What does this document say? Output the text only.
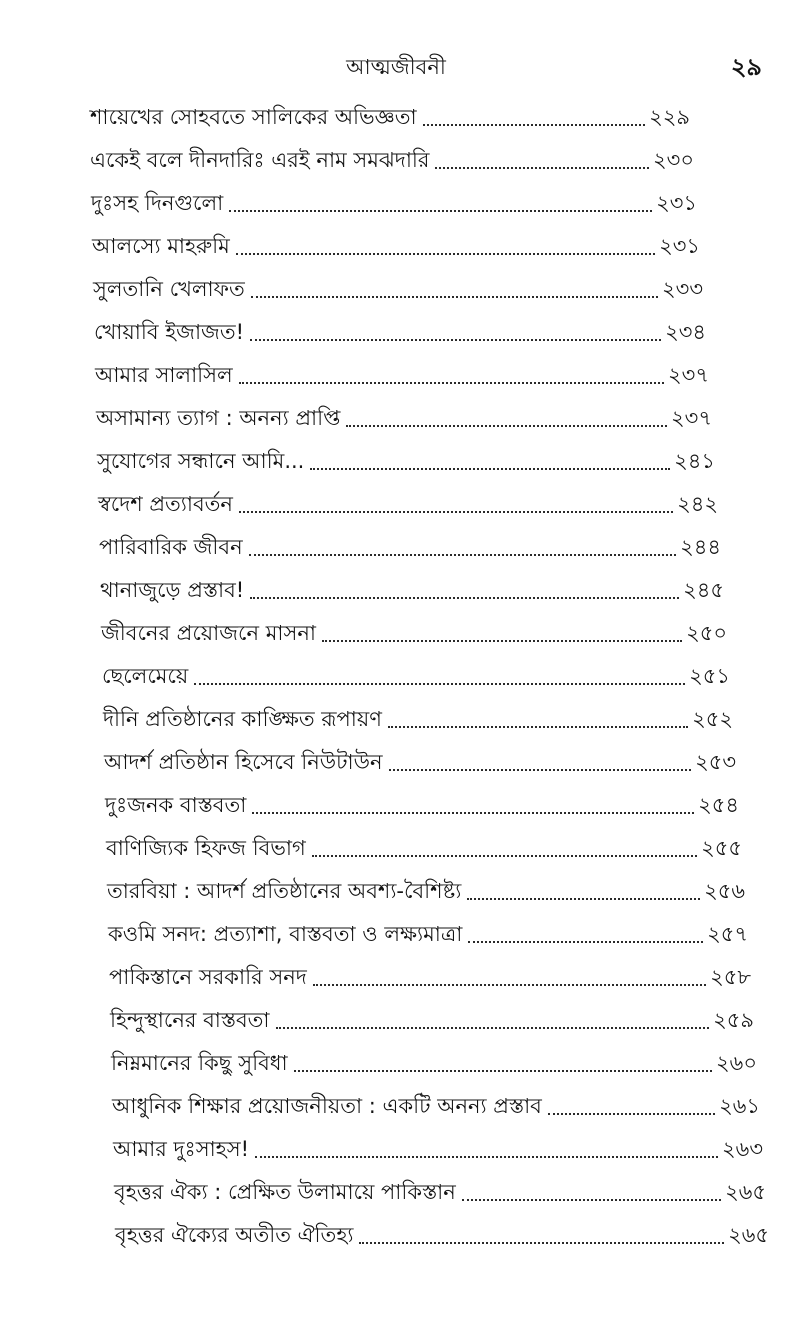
আত্মজীবনী	২৯
শায়েখের সোহবতে সালিকের অভিজ্ঞতা	২২৯
একেই বলে দীনদারিঃ এরই নাম সমঝদারি	২৩০
দুঃসহ দিনগুলো	২৩১
আলস্যে মাহরুমি	২৩১
সুলতানি খেলাফত	২৩৩
খোয়াবি ইজাজত!	২৩৪
আমার সালাসিল	২৩৭
অসামান্য ত্যাগ : অনন্য প্রাপ্তি	২৩৭
সুযোগের সন্ধানে আমি...	২৪১
স্বদেশ প্রত্যাবর্তন	২৪২
পারিবারিক জীবন	২৪৪
থানাজুড়ে প্রস্তাব!	২৪৫
জীবনের প্রয়োজনে মাসনা	২৫০
ছেলেমেয়ে	২৫১
দীনি প্রতিষ্ঠানের কাঙ্ক্ষিত রূপায়ণ	২৫২
আদর্শ প্রতিষ্ঠান হিসেবে নিউটাউন	২৫৩
দুঃজনক বাস্তবতা	২৫৪
বাণিজ্যিক হিফজ বিভাগ	২৫৫
তারবিয়া : আদর্শ প্রতিষ্ঠানের অবশ্য-বৈশিষ্ট্য	২৫৬
কওমি সনদ: প্রত্যাশা, বাস্তবতা ও লক্ষ্যমাত্রা	২৫৭
পাকিস্তানে সরকারি সনদ	২৫৮
হিন্দুস্থানের বাস্তবতা	২৫৯
নিম্নমানের কিছু সুবিধা	২৬০
আধুনিক শিক্ষার প্রয়োজনীয়তা : একটি অনন্য প্রস্তাব	২৬১
আমার দুঃসাহস!	২৬৩
বৃহত্তর ঐক্য : প্রেক্ষিত উলামায়ে পাকিস্তান	২৬৫
বৃহত্তর ঐক্যের অতীত ঐতিহ্য	২৬৫
